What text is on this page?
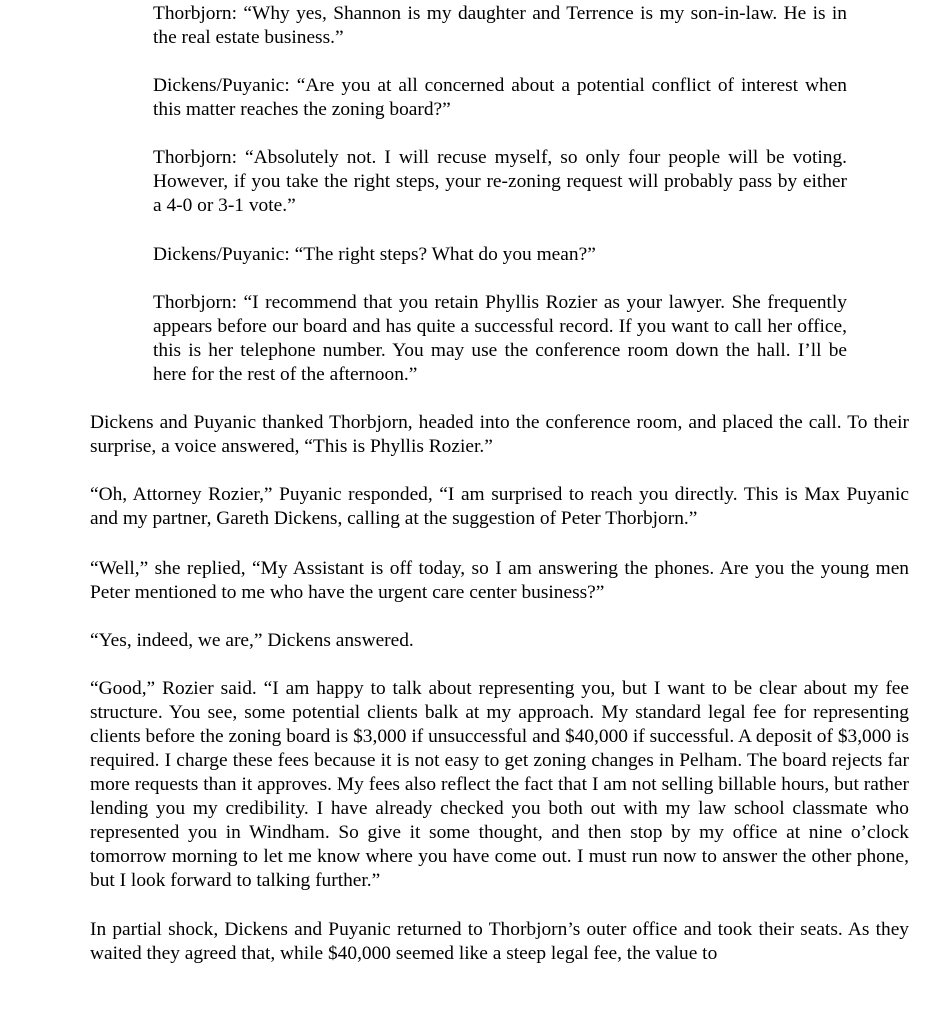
Thorbjorn: “Why yes, Shannon is my daughter and Terrence is my son-in-law. He is in the real estate business.”

Dickens/Puyanic: “Are you at all concerned about a potential conflict of interest when this matter reaches the zoning board?”

Thorbjorn: “Absolutely not. I will recuse myself, so only four people will be voting. However, if you take the right steps, your re-zoning request will probably pass by either a 4-0 or 3-1 vote.”

Dickens/Puyanic: “The right steps? What do you mean?”

Thorbjorn: “I recommend that you retain Phyllis Rozier as your lawyer. She frequently appears before our board and has quite a successful record. If you want to call her office, this is her telephone number. You may use the conference room down the hall. I’ll be here for the rest of the afternoon.”

Dickens and Puyanic thanked Thorbjorn, headed into the conference room, and placed the call. To their surprise, a voice answered, “This is Phyllis Rozier.”

“Oh, Attorney Rozier,” Puyanic responded, “I am surprised to reach you directly. This is Max Puyanic and my partner, Gareth Dickens, calling at the suggestion of Peter Thorbjorn.”

“Well,” she replied, “My Assistant is off today, so I am answering the phones. Are you the young men Peter mentioned to me who have the urgent care center business?”

“Yes, indeed, we are,” Dickens answered.

“Good,” Rozier said. “I am happy to talk about representing you, but I want to be clear about my fee structure. You see, some potential clients balk at my approach. My standard legal fee for representing clients before the zoning board is $3,000 if unsuccessful and $40,000 if successful. A deposit of $3,000 is required. I charge these fees because it is not easy to get zoning changes in Pelham. The board rejects far more requests than it approves. My fees also reflect the fact that I am not selling billable hours, but rather lending you my credibility. I have already checked you both out with my law school classmate who represented you in Windham. So give it some thought, and then stop by my office at nine o’clock tomorrow morning to let me know where you have come out. I must run now to answer the other phone, but I look forward to talking further.”

In partial shock, Dickens and Puyanic returned to Thorbjorn’s outer office and took their seats. As they waited they agreed that, while $40,000 seemed like a steep legal fee, the value to
